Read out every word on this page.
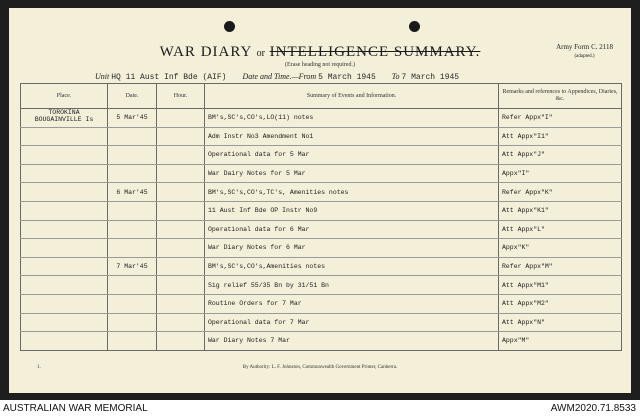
WAR DIARY or INTELLIGENCE SUMMARY.
(Erase heading not required.)
Army Form C. 2118
(adapted.)
Unit HQ 11 Aust Inf Bde (AIF) Date and Time.—From 5 March 1945 To 7 March 1945
Place.	Date.	Hour.	Summary of Events and Information.	Remarks and references to Appendices, Diaries, &c.
TOROKINA BOUGAINVILLE Is	5 Mar'45		BM's,SC's,CO's,LO(11) notes	Refer Appx"I"
			Adm Instr No3 Amendment No1	Att Appx"I1"
			Operational data for 5 Mar	Att Appx"J"
			War Dairy Notes for 5 Mar	Appx"I"
	6 Mar'45		BM's,SC's,CO's,TC's, Amenities notes	Refer Appx"K"
			11 Aust Inf Bde OP Instr No9	Att Appx"K1"
			Operational data for 6 Mar	Att Appx"L"
			War Diary Notes for 6 Mar	Appx"K"
	7 Mar'45		BM's,SC's,CO's,Amenities notes	Refer Appx"M"
			Sig relief 55/35 Bn by 31/51 Bn	Att Appx"M1"
			Routine Orders for 7 Mar	Att Appx"M2"
			Operational data for 7 Mar	Att Appx"N"
			War Diary Notes 7 Mar	Appx"M"
1.	By Authority: L. F. Johnston, Commonwealth Government Printer, Canberra.
AUSTRALIAN WAR MEMORIAL	AWM2020.71.8533
